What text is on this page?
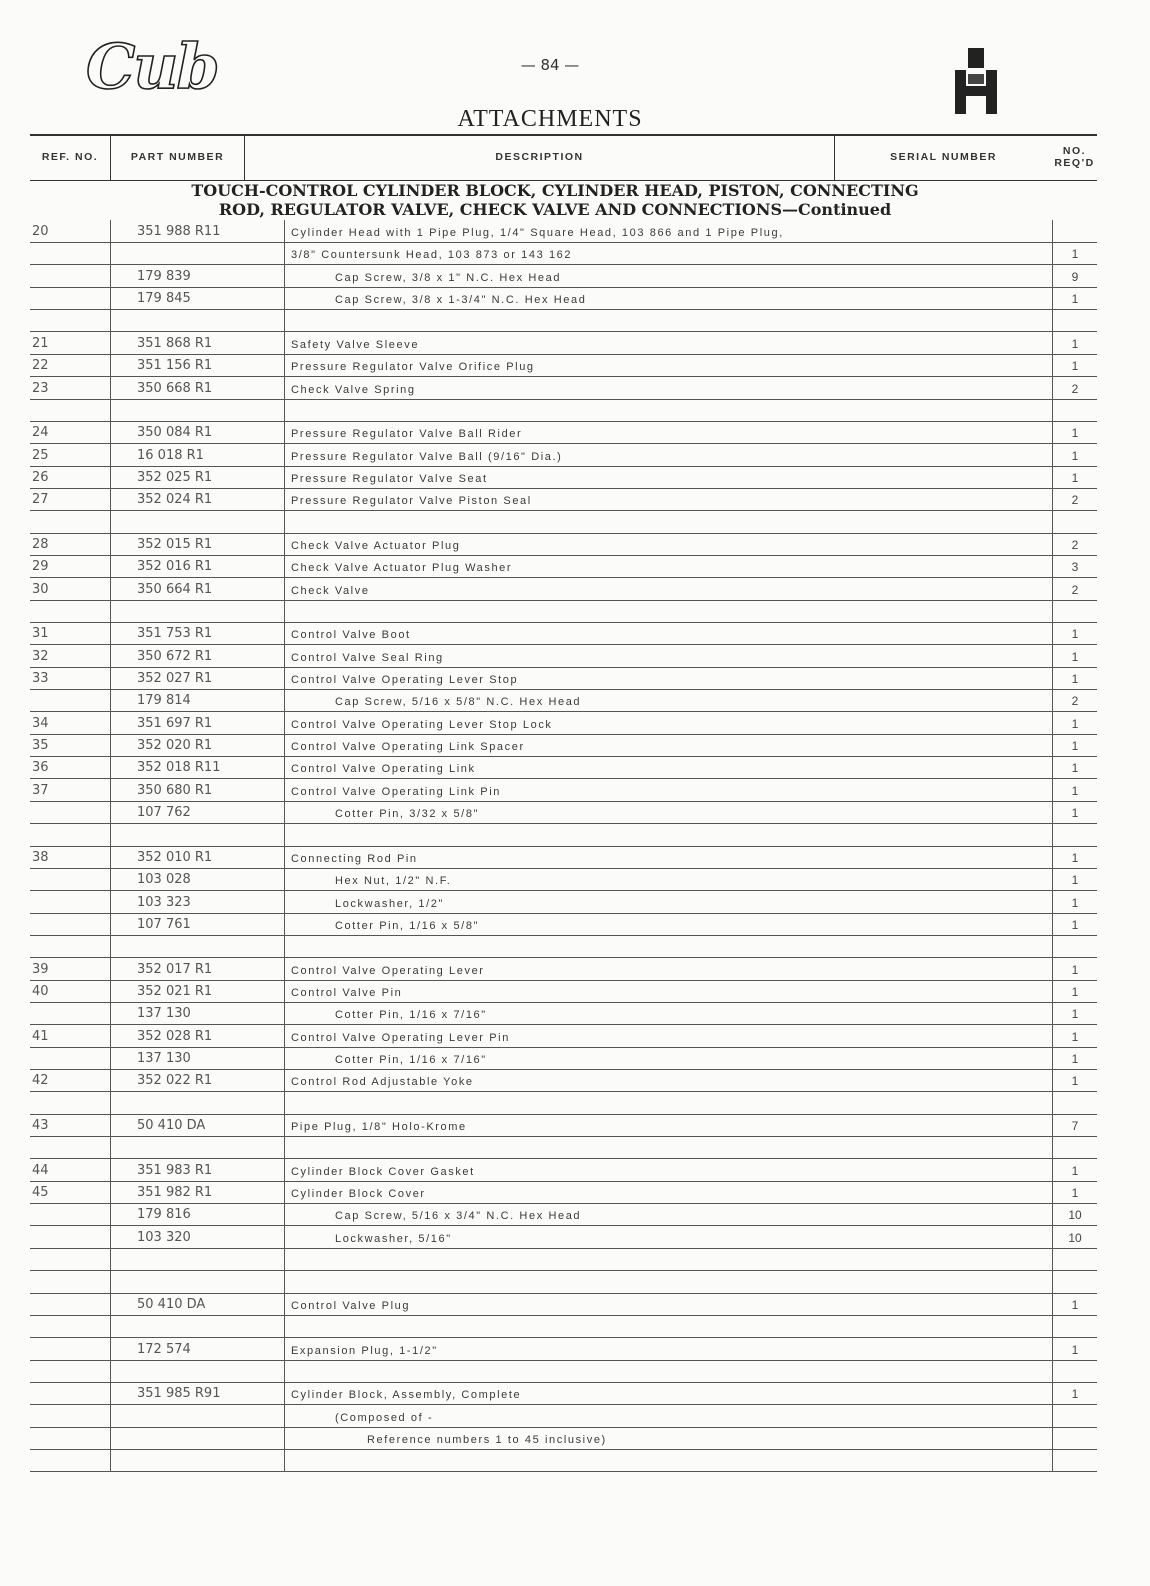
Cub	— 84 —
ATTACHMENTS
REF. NO.	PART NUMBER	DESCRIPTION	SERIAL NUMBER	NO. REQ'D
TOUCH-CONTROL CYLINDER BLOCK, CYLINDER HEAD, PISTON, CONNECTING
ROD, REGULATOR VALVE, CHECK VALVE AND CONNECTIONS—Continued
20	351 988 R11	Cylinder Head with 1 Pipe Plug, 1/4" Square Head, 103 866 and 1 Pipe Plug,
3/8" Countersunk Head, 103 873 or 143 162	1
179 839	Cap Screw, 3/8 x 1" N.C. Hex Head	9
179 845	Cap Screw, 3/8 x 1-3/4" N.C. Hex Head	1
21	351 868 R1	Safety Valve Sleeve	1
22	351 156 R1	Pressure Regulator Valve Orifice Plug	1
23	350 668 R1	Check Valve Spring	2
24	350 084 R1	Pressure Regulator Valve Ball Rider	1
25	16 018 R1	Pressure Regulator Valve Ball (9/16" Dia.)	1
26	352 025 R1	Pressure Regulator Valve Seat	1
27	352 024 R1	Pressure Regulator Valve Piston Seal	2
28	352 015 R1	Check Valve Actuator Plug	2
29	352 016 R1	Check Valve Actuator Plug Washer	3
30	350 664 R1	Check Valve	2
31	351 753 R1	Control Valve Boot	1
32	350 672 R1	Control Valve Seal Ring	1
33	352 027 R1	Control Valve Operating Lever Stop	1
179 814	Cap Screw, 5/16 x 5/8" N.C. Hex Head	2
34	351 697 R1	Control Valve Operating Lever Stop Lock	1
35	352 020 R1	Control Valve Operating Link Spacer	1
36	352 018 R11	Control Valve Operating Link	1
37	350 680 R1	Control Valve Operating Link Pin	1
107 762	Cotter Pin, 3/32 x 5/8"	1
38	352 010 R1	Connecting Rod Pin	1
103 028	Hex Nut, 1/2" N.F.	1
103 323	Lockwasher, 1/2"	1
107 761	Cotter Pin, 1/16 x 5/8"	1
39	352 017 R1	Control Valve Operating Lever	1
40	352 021 R1	Control Valve Pin	1
137 130	Cotter Pin, 1/16 x 7/16"	1
41	352 028 R1	Control Valve Operating Lever Pin	1
137 130	Cotter Pin, 1/16 x 7/16"	1
42	352 022 R1	Control Rod Adjustable Yoke	1
43	50 410 DA	Pipe Plug, 1/8" Holo-Krome	7
44	351 983 R1	Cylinder Block Cover Gasket	1
45	351 982 R1	Cylinder Block Cover	1
179 816	Cap Screw, 5/16 x 3/4" N.C. Hex Head	10
103 320	Lockwasher, 5/16"	10
50 410 DA	Control Valve Plug	1
172 574	Expansion Plug, 1-1/2"	1
351 985 R91	Cylinder Block, Assembly, Complete	1
(Composed of -
Reference numbers 1 to 45 inclusive)
